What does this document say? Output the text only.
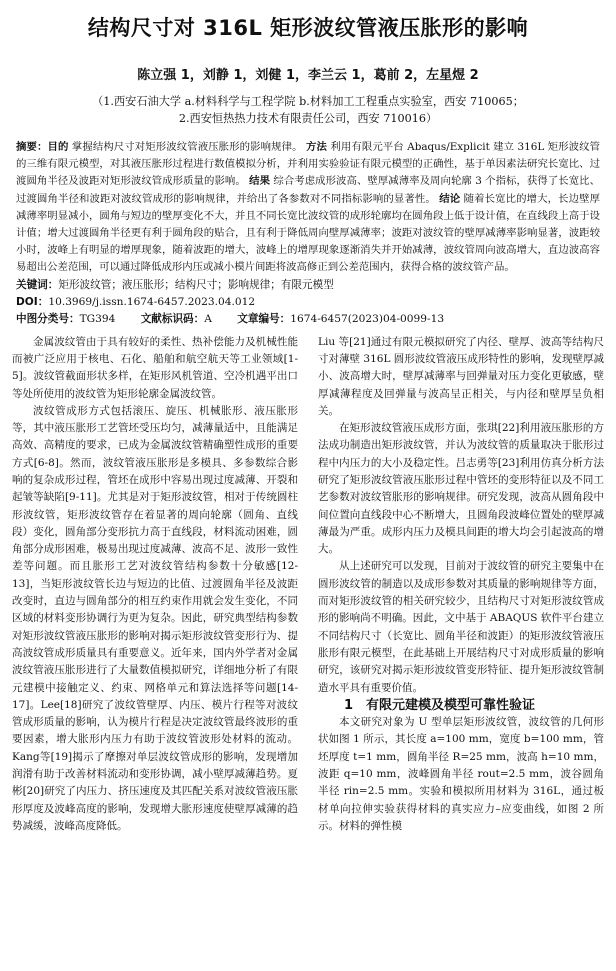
结构尺寸对 316L 矩形波纹管液压胀形的影响
陈立强 1，刘静 1，刘健 1，李兰云 1，葛前 2，左星煜 2
（1.西安石油大学 a.材料科学与工程学院 b.材料加工工程重点实验室，西安 710065；
2.西安恒热热力技术有限责任公司，西安 710016）
摘要：目的 掌握结构尺寸对矩形波纹管液压胀形的影响规律。 方法 利用有限元平台 Abaqus/Explicit 建立 316L 矩形波纹管的三维有限元模型，对其液压胀形过程进行数值模拟分析，并利用实验验证有限元模型的正确性，基于单因素法研究长宽比、过渡圆角半径及波距对矩形波纹管成形质量的影响。 结果 综合考虑成形波高、壁厚减薄率及周向轮廓 3 个指标，获得了长宽比、过渡圆角半径和波距对波纹管成形的影响规律，并给出了各参数对不同指标影响的显著性。 结论 随着长宽比的增大，长边壁厚减薄率明显减小，圆角与短边的壁厚变化不大，并且不同长宽比波纹管的成形轮廓均在圆角段上低于设计值，在直线段上高于设计值；增大过渡圆角半径更有利于圆角段的贴合，且有利于降低周向壁厚减薄率；波距对波纹管的壁厚减薄率影响显著，波距较小时，波峰上有明显的增厚现象，随着波距的增大，波峰上的增厚现象逐渐消失并开始减薄，波纹管周向波高增大，直边波高容易超出公差范围，可以通过降低成形内压或减小模片间距将波高修正到公差范围内，获得合格的波纹管产品。
关键词：矩形波纹管；液压胀形；结构尺寸；影响规律；有限元模型
DOI：10.3969/j.issn.1674-6457.2023.04.012
中图分类号：TG394 文献标识码：A 文章编号：1674-6457(2023)04-0099-13

金属波纹管由于具有较好的柔性、热补偿能力及机械性能而被广泛应用于核电、石化、船舶和航空航天等工业领域[1-5]。波纹管截面形状多样，在矩形风机管道、空冷机遇平出口等处所使用的波纹管为矩形轮廓金属波纹管。

波纹管成形方式包括滚压、旋压、机械胀形、液压胀形等，其中液压胀形工艺管坯受压均匀，减薄量适中，且能满足高效、高精度的要求，已成为金属波纹管精确塑性成形的重要方式[6-8]。然而，波纹管液压胀形是多模具、多参数综合影响的复杂成形过程，管坯在成形中容易出现过度减薄、开裂和起皱等缺陷[9-11]。尤其是对于矩形波纹管，相对于传统圆柱形波纹管，矩形波纹管存在着显著的周向轮廓（圆角、直线段）变化，圆角部分变形抗力高于直线段，材料流动困难，圆角部分成形困难，极易出现过度减薄、波高不足、波形一致性差等问题。而且胀形工艺对波纹管结构参数十分敏感[12-13]，当矩形波纹管长边与短边的比值、过渡圆角半径及波距改变时，直边与圆角部分的相互约束作用就会发生变化，不同区域的材料变形协调行为更为复杂。因此，研究典型结构参数对矩形波纹管液压胀形的影响对揭示矩形波纹管变形行为、提高波纹管成形质量具有重要意义。近年来，国内外学者对金属波纹管液压胀形进行了大量数值模拟研究，详细地分析了有限元建模中接触定义、约束、网格单元和算法选择等问题[14-17]。Lee[18]研究了波纹管壁厚、内压、模片行程等对波纹管成形质量的影响，认为模片行程是决定波纹管最终波形的重要因素，增大胀形内压力有助于波纹管波形处材料的流动。Kang等[19]揭示了摩擦对单层波纹管成形的影响，发现增加润滑有助于改善材料流动和变形协调，减小壁厚减薄趋势。夏彬[20]研究了内压力、挤压速度及其匹配关系对波纹管液压胀形厚度及波峰高度的影响，发现增大胀形速度使壁厚减薄的趋势减缓，波峰高度降低。

Liu 等[21]通过有限元模拟研究了内径、壁厚、波高等结构尺寸对薄壁 316L 圆形波纹管液压成形特性的影响，发现壁厚减小、波高增大时，壁厚减薄率与回弹量对压力变化更敏感，壁厚减薄程度及回弹量与波高呈正相关，与内径和壁厚呈负相关。

在矩形波纹管液压成形方面，张琪[22]利用液压胀形的方法成功制造出矩形波纹管，并认为波纹管的质量取决于胀形过程中内压力的大小及稳定性。吕志勇等[23]利用仿真分析方法研究了矩形波纹管液压胀形过程中管坯的变形特征以及不同工艺参数对波纹管胀形的影响规律。研究发现，波高从圆角段中间位置向直线段中心不断增大，且圆角段波峰位置处的壁厚减薄最为严重。成形内压力及模具间距的增大均会引起波高的增大。

从上述研究可以发现，目前对于波纹管的研究主要集中在圆形波纹管的制造以及成形参数对其质量的影响规律等方面，而对矩形波纹管的相关研究较少，且结构尺寸对矩形波纹管成形的影响尚不明确。因此，文中基于 ABAQUS 软件平台建立不同结构尺寸（长宽比、圆角半径和波距）的矩形波纹管液压胀形有限元模型，在此基础上开展结构尺寸对成形质量的影响研究，该研究对揭示矩形波纹管变形特征、提升矩形波纹管制造水平具有重要价值。

1　有限元建模及模型可靠性验证

本文研究对象为 U 型单层矩形波纹管，波纹管的几何形状如图 1 所示，其长度 a=100 mm，宽度 b=100 mm，管坯厚度 t=1 mm，圆角半径 R=25 mm，波高 h=10 mm，波距 q=10 mm，波峰圆角半径 rout=2.5 mm，波谷圆角半径 rin=2.5 mm。实验和模拟所用材料为 316L，通过板材单向拉伸实验获得材料的真实应力–应变曲线，如图 2 所示。材料的弹性模
